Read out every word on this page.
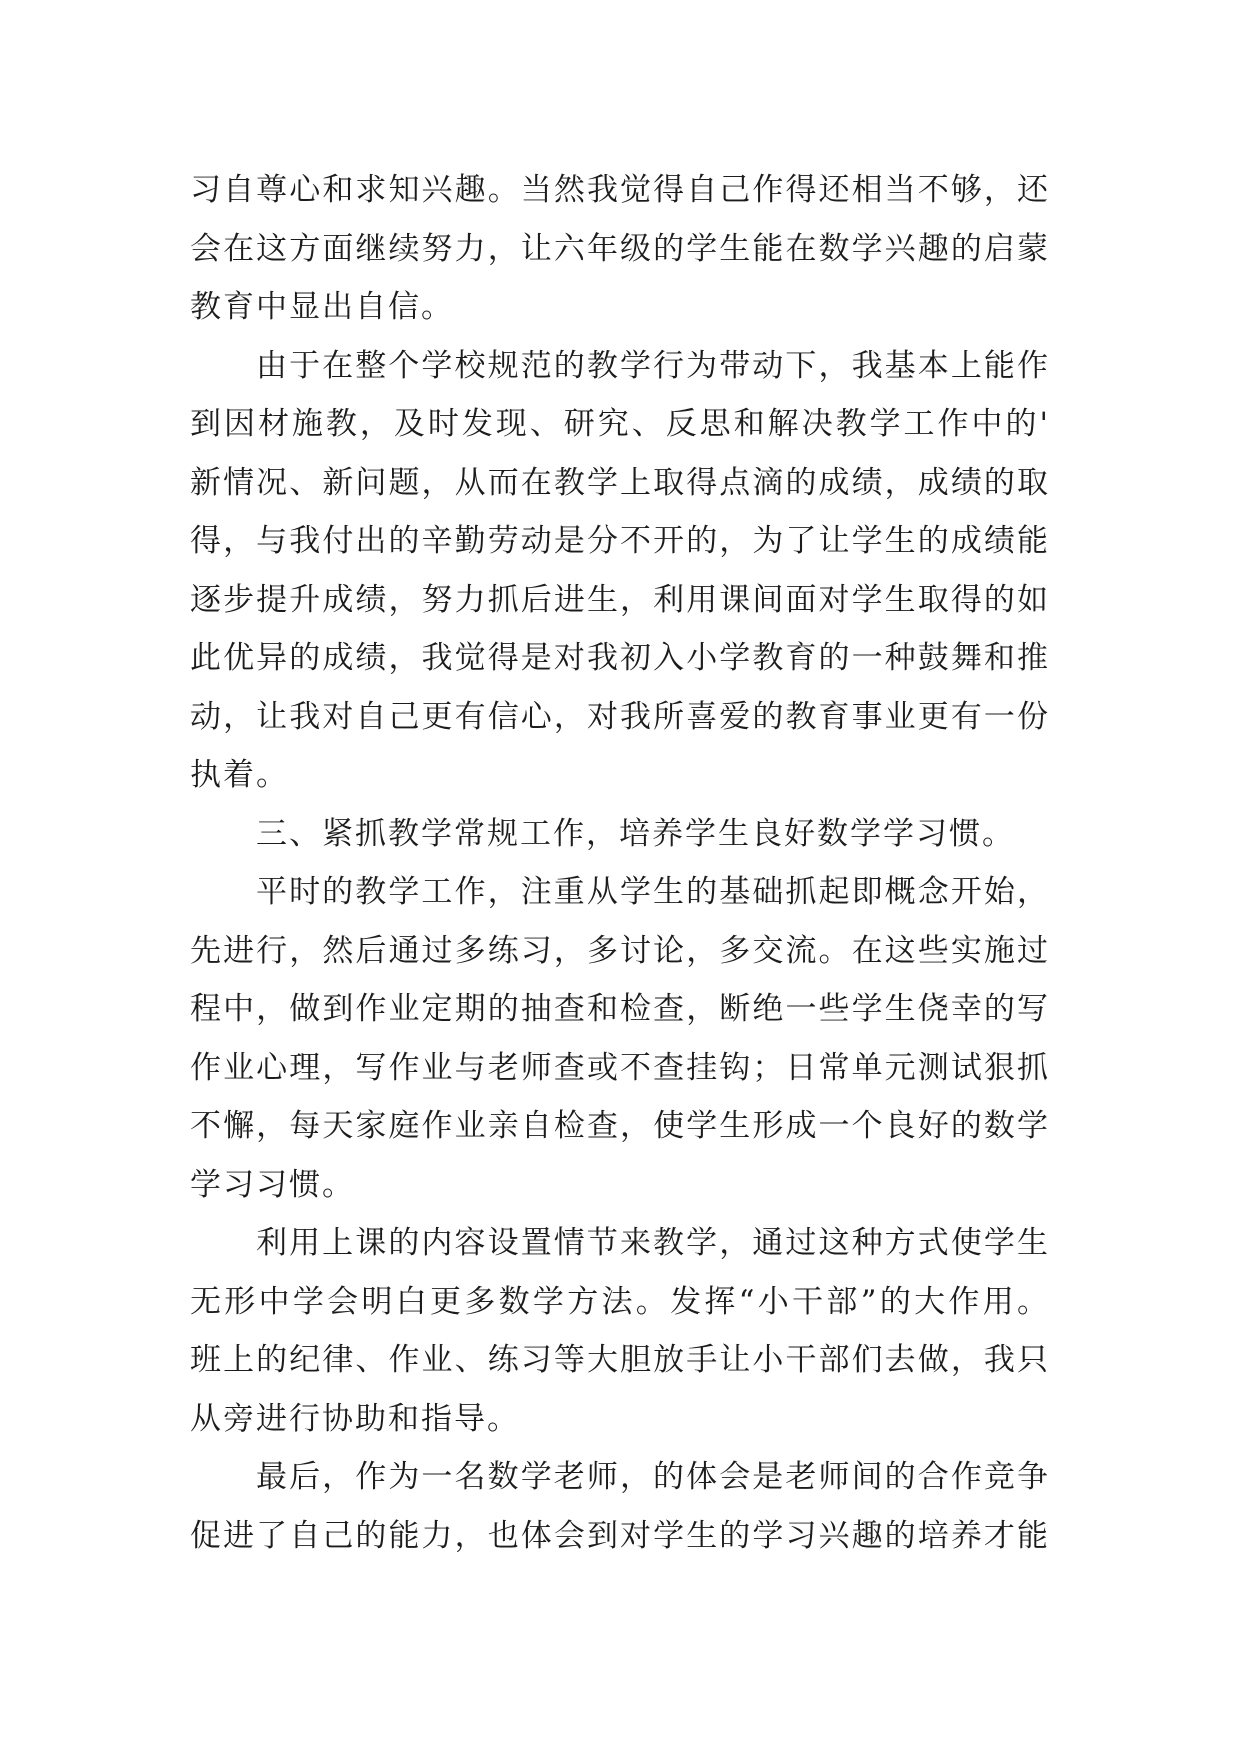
习自尊心和求知兴趣。当然我觉得自己作得还相当不够，还
会在这方面继续努力，让六年级的学生能在数学兴趣的启蒙
教育中显出自信。
由于在整个学校规范的教学行为带动下，我基本上能作
到因材施教，及时发现、研究、反思和解决教学工作中的'
新情况、新问题，从而在教学上取得点滴的成绩，成绩的取
得，与我付出的辛勤劳动是分不开的，为了让学生的成绩能
逐步提升成绩，努力抓后进生，利用课间面对学生取得的如
此优异的成绩，我觉得是对我初入小学教育的一种鼓舞和推
动，让我对自己更有信心，对我所喜爱的教育事业更有一份
执着。
三、紧抓教学常规工作，培养学生良好数学学习惯。
平时的教学工作，注重从学生的基础抓起即概念开始，
先进行，然后通过多练习，多讨论，多交流。在这些实施过
程中，做到作业定期的抽查和检查，断绝一些学生侥幸的写
作业心理，写作业与老师查或不查挂钩；日常单元测试狠抓
不懈，每天家庭作业亲自检查，使学生形成一个良好的数学
学习习惯。
利用上课的内容设置情节来教学，通过这种方式使学生
无形中学会明白更多数学方法。发挥“小干部”的大作用。
班上的纪律、作业、练习等大胆放手让小干部们去做，我只
从旁进行协助和指导。
最后，作为一名数学老师，的体会是老师间的合作竞争
促进了自己的能力，也体会到对学生的学习兴趣的培养才能
